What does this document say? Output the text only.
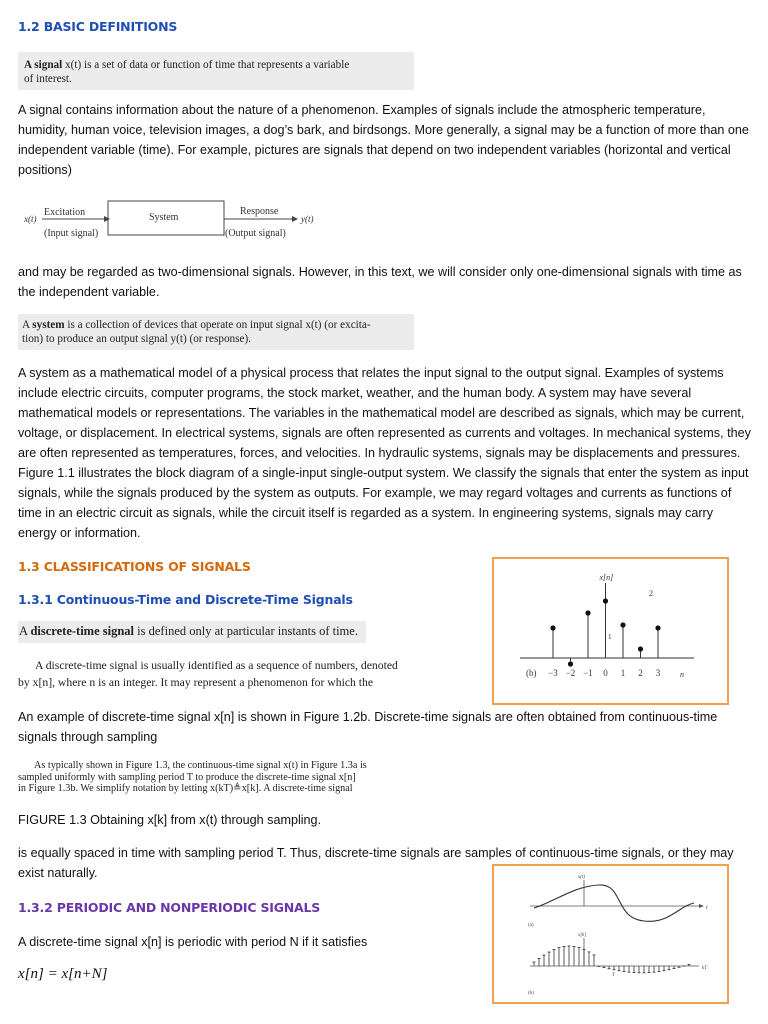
1.2 BASIC DEFINITIONS
A signal x(t) is a set of data or function of time that represents a variable
of interest.
A signal contains information about the nature of a phenomenon. Examples of signals include the atmospheric temperature, humidity, human voice, television images, a dog’s bark, and birdsongs. More generally, a signal may be a function of more than one independent variable (time). For example, pictures are signals that depend on two independent variables (horizontal and vertical positions)
x(t)
Excitation
(Input signal)
System
Response
(Output signal)
y(t)
and may be regarded as two-dimensional signals. However, in this text, we will consider only one-dimensional signals with time as the independent variable.
A system is a collection of devices that operate on input signal x(t) (or excita-
tion) to produce an output signal y(t) (or response).
A system as a mathematical model of a physical process that relates the input signal to the output signal. Examples of systems include electric circuits, computer programs, the stock market, weather, and the human body. A system may have several mathematical models or representations. The variables in the mathematical model are described as signals, which may be current, voltage, or displacement. In electrical systems, signals are often represented as currents and voltages. In mechanical systems, they are often represented as temperatures, forces, and velocities. In hydraulic systems, signals may be displacements and pressures. Figure 1.1 illustrates the block diagram of a single-input single-output system. We classify the signals that enter the system as input signals, while the signals produced by the system as outputs. For example, we may regard voltages and currents as functions of time in an electric circuit as signals, while the circuit itself is regarded as a system. In engineering systems, signals may carry energy or information.
1.3 CLASSIFICATIONS OF SIGNALS
1.3.1 Continuous-Time and Discrete-Time Signals
A discrete-time signal is defined only at particular instants of time.
A discrete-time signal is usually identified as a sequence of numbers, denoted
by x[n], where n is an integer. It may represent a phenomenon for which the
x[n]
(b) −3 −2 −1 0 1 2 3 n
2
1
An example of discrete-time signal x[n] is shown in Figure 1.2b. Discrete-time signals are often obtained from continuous-time signals through sampling
As typically shown in Figure 1.3, the continuous-time signal x(t) in Figure 1.3a is
sampled uniformly with sampling period T to produce the discrete-time signal x[n]
in Figure 1.3b. We simplify notation by letting x(kT)≜x[k]. A discrete-time signal
FIGURE 1.3 Obtaining x[k] from x(t) through sampling.
is equally spaced in time with sampling period T. Thus, discrete-time signals are samples of continuous-time signals, or they may exist naturally.
1.3.2 PERIODIC AND NONPERIODIC SIGNALS	t
x(t)
(a)
kT
x[k]
T
(b)
A discrete-time signal x[n] is periodic with period N if it satisfies
x[n] = x[n+N]
